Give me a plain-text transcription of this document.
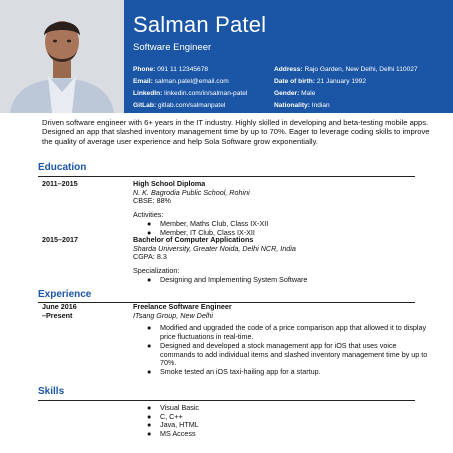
Salman Patel
Software Engineer
Phone: 091 11 12345678
Email: salman.patel@email.com
LinkedIn: linkedin.com/in/salman-patel
GitLab: gitlab.com/salmanpatel
Address: Rajo Garden, New Delhi, Delhi 110027
Date of birth: 21 January 1992
Gender: Male
Nationality: Indian
Driven software engineer with 6+ years in the IT industry. Highly skilled in developing and beta-testing mobile apps. Designed an app that slashed inventory management time by up to 70%. Eager to leverage coding skills to improve the quality of average user experience and help Sola Software grow exponentially.
Education
2011–2015	High School Diploma
N. K. Bagrodia Public School, Rohini
CBSE: 88%
Activities:
● Member, Maths Club, Class IX-XII
● Member, IT Club, Class IX-XII
2015–2017	Bachelor of Computer Applications
Sharda University, Greater Noida, Delhi NCR, India
CGPA: 8.3
Specialization:
● Designing and Implementing System Software
Experience
June 2016
–Present
Freelance Software Engineer
ITsang Group, New Delhi
● Modified and upgraded the code of a price comparison app that allowed it to display price fluctuations in real-time.
● Designed and developed a stock management app for iOS that uses voice commands to add individual items and slashed inventory management time by up to 70%.
● Smoke tested an iOS taxi-hailing app for a startup.
Skills
● Visual Basic
● C, C++
● Java, HTML
● MS Access
